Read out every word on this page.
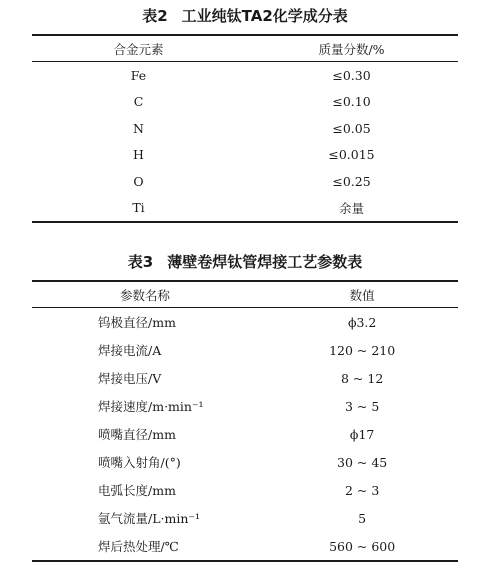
表2 工业纯钛TA2化学成分表
合金元素	质量分数/%
Fe	≤0.30
C	≤0.10
N	≤0.05
H	≤0.015
O	≤0.25
Ti	余量
表3 薄壁卷焊钛管焊接工艺参数表
参数名称	数值
钨极直径/mm	ϕ3.2
焊接电流/A	120 ~ 210
焊接电压/V	8 ~ 12
焊接速度/m·min⁻¹	3 ~ 5
喷嘴直径/mm	ϕ17
喷嘴入射角/(°)	30 ~ 45
电弧长度/mm	2 ~ 3
氩气流量/L·min⁻¹	5
焊后热处理/℃	560 ~ 600
